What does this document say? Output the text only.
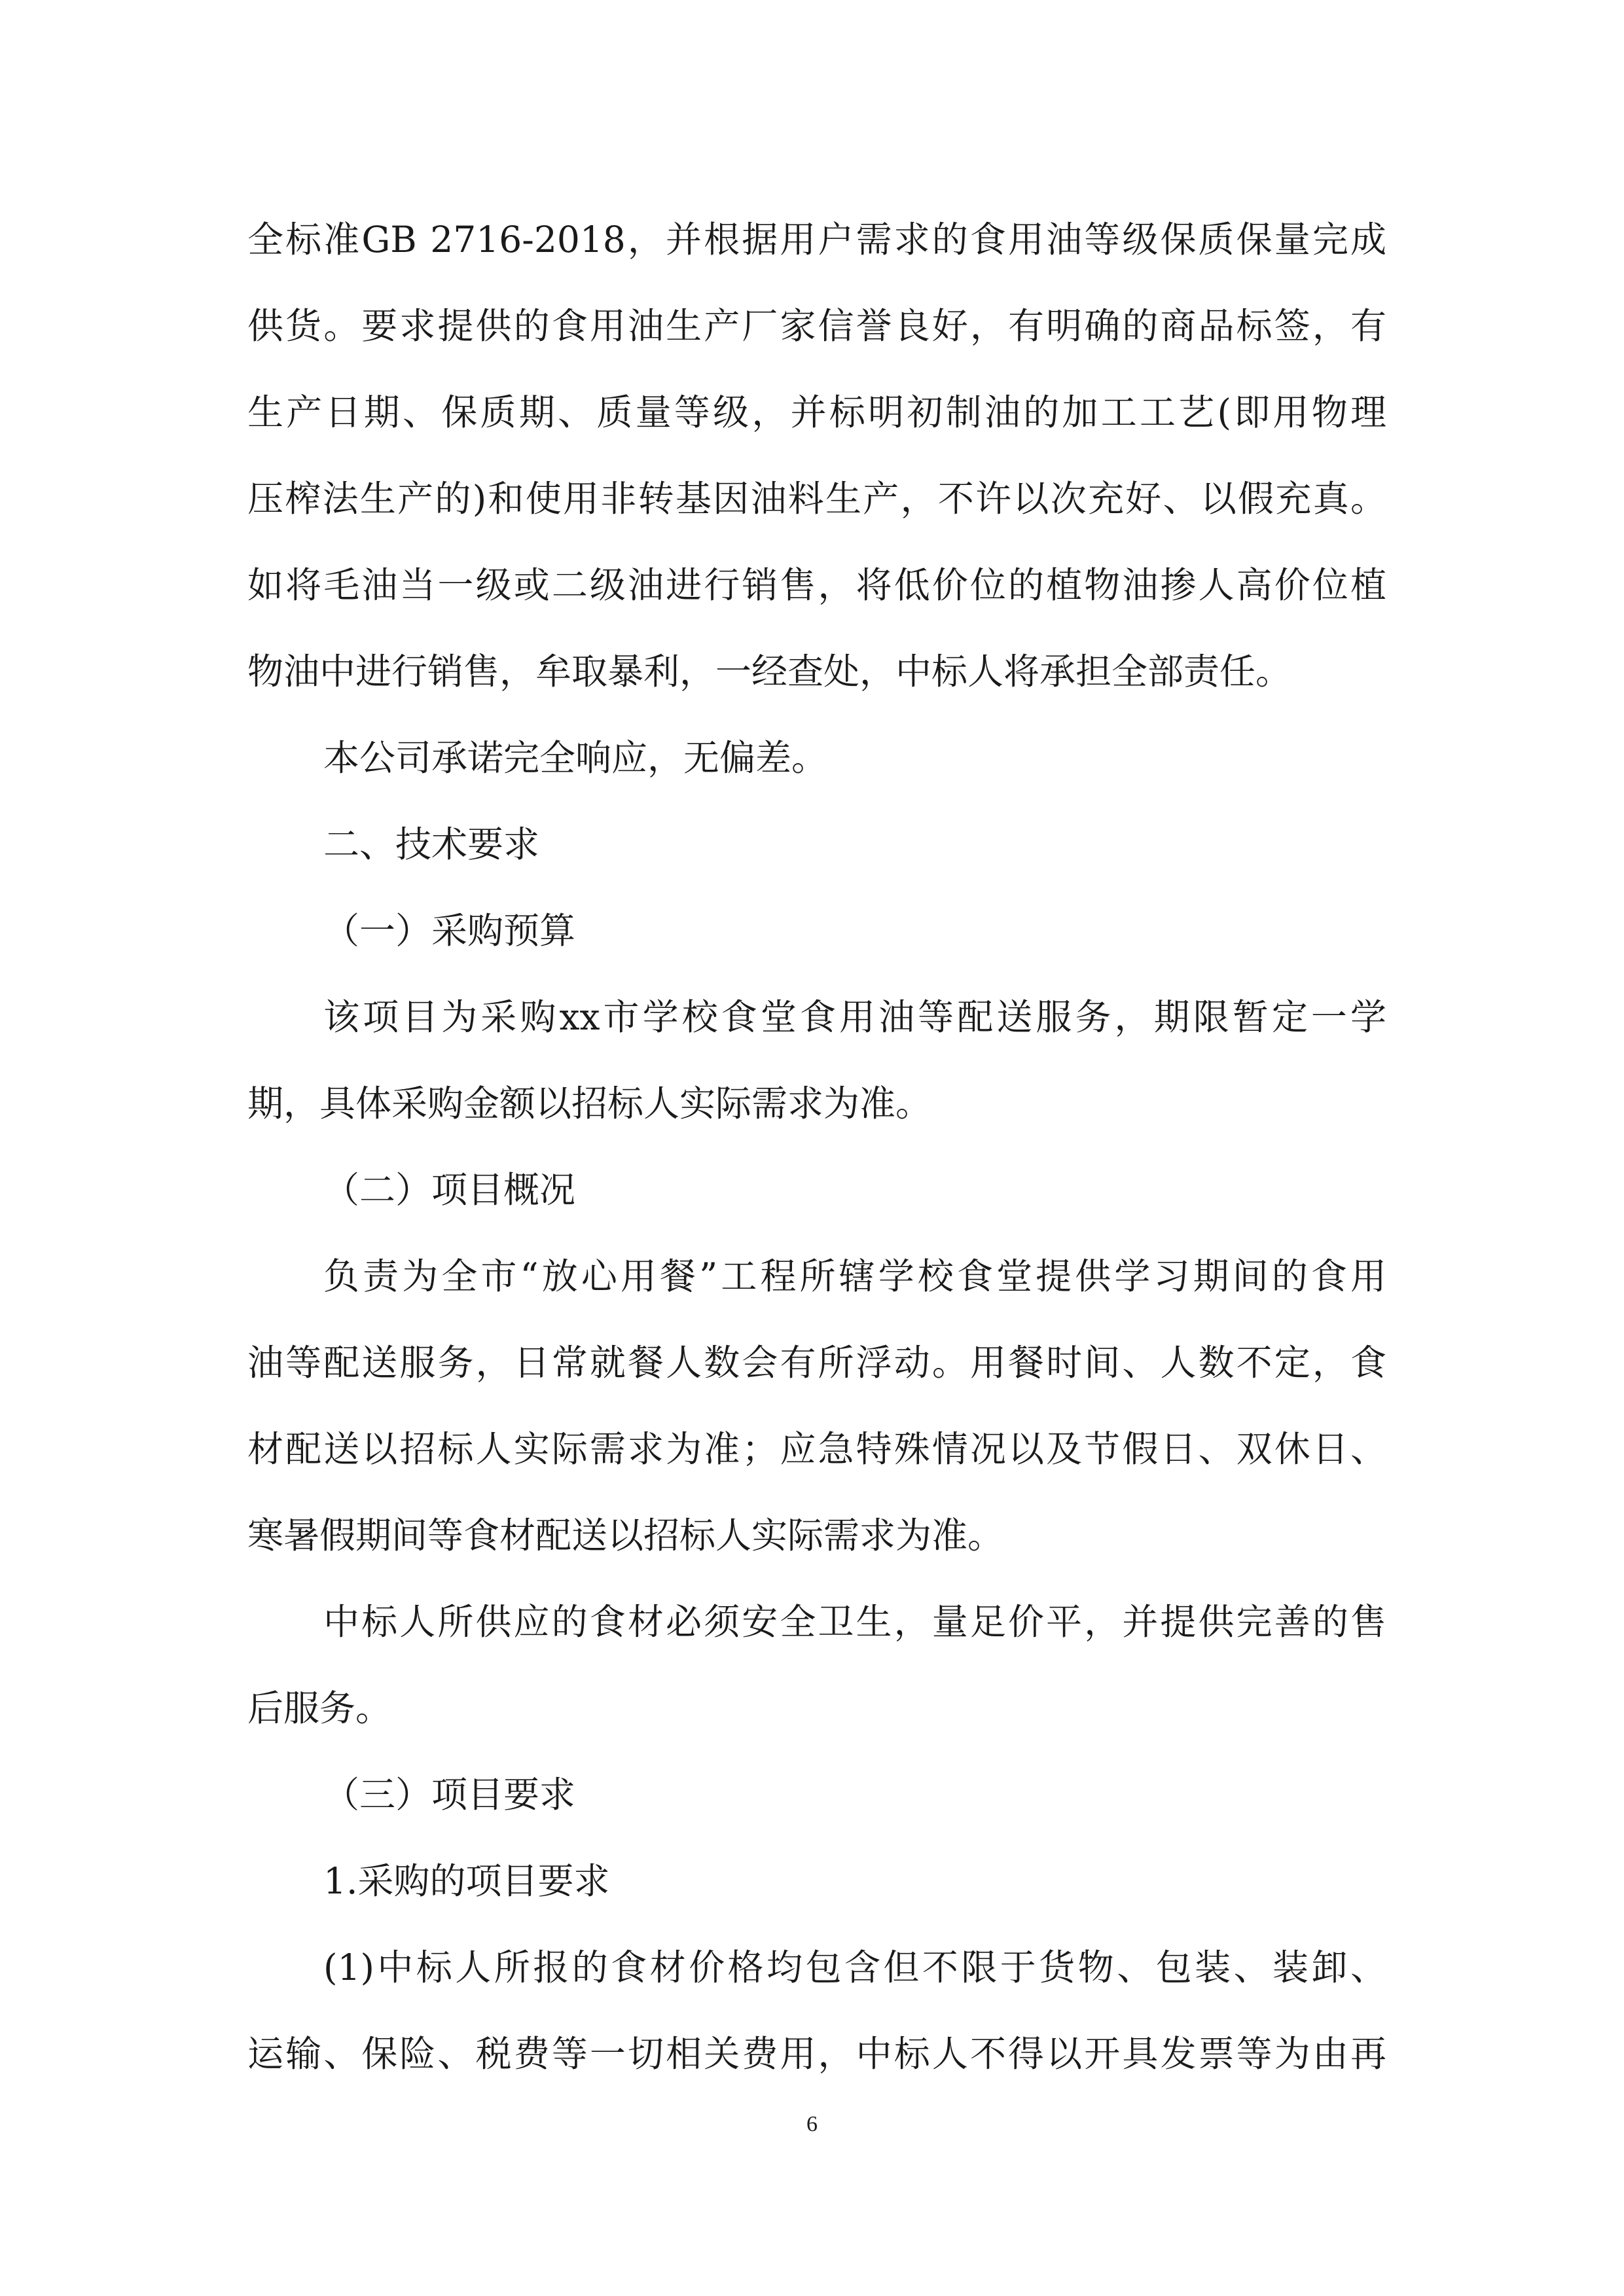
全标准GB 2716-2018，并根据用户需求的食用油等级保质保量完成
供货。要求提供的食用油生产厂家信誉良好，有明确的商品标签，有
生产日期、保质期、质量等级，并标明初制油的加工工艺(即用物理
压榨法生产的)和使用非转基因油料生产，不许以次充好、以假充真。
如将毛油当一级或二级油进行销售，将低价位的植物油掺人高价位植
物油中进行销售，牟取暴利，一经查处，中标人将承担全部责任。
本公司承诺完全响应，无偏差。
二、技术要求
（一）采购预算
该项目为采购xx市学校食堂食用油等配送服务，期限暂定一学
期，具体采购金额以招标人实际需求为准。
（二）项目概况
负责为全市“放心用餐”工程所辖学校食堂提供学习期间的食用
油等配送服务，日常就餐人数会有所浮动。用餐时间、人数不定，食
材配送以招标人实际需求为准；应急特殊情况以及节假日、双休日、
寒暑假期间等食材配送以招标人实际需求为准。
中标人所供应的食材必须安全卫生，量足价平，并提供完善的售
后服务。
（三）项目要求
1.采购的项目要求
(1)中标人所报的食材价格均包含但不限于货物、包装、装卸、
运输、保险、税费等一切相关费用，中标人不得以开具发票等为由再
6
